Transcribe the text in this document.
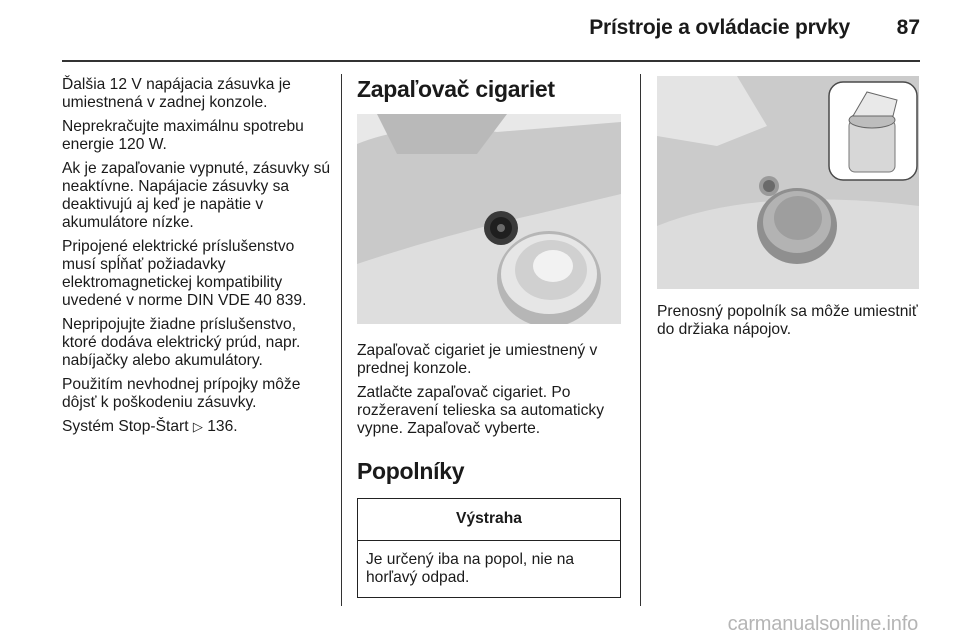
Prístroje a ovládacie prvky	87

Ďalšia 12 V napájacia zásuvka je umiestnená v zadnej konzole.

Neprekračujte maximálnu spotrebu energie 120 W.

Ak je zapaľovanie vypnuté, zásuvky sú neaktívne. Napájacie zásuvky sa deaktivujú aj keď je napätie v akumulátore nízke.

Pripojené elektrické príslušenstvo musí spĺňať požiadavky elektromagnetickej kompatibility uvedené v norme DIN VDE 40 839.

Nepripojujte žiadne príslušenstvo, ktoré dodáva elektrický prúd, napr. nabíjačky alebo akumulátory.

Použitím nevhodnej prípojky môže dôjsť k poškodeniu zásuvky.

Systém Stop-Štart ▷ 136.

Zapaľovač cigariet

Zapaľovač cigariet je umiestnený v prednej konzole.

Zatlačte zapaľovač cigariet. Po rozžeravení telieska sa automaticky vypne. Zapaľovač vyberte.

Popolníky
Výstraha
Je určený iba na popol, nie na horľavý odpad.

Prenosný popolník sa môže umiestniť do držiaka nápojov.

carmanualsonline.info
